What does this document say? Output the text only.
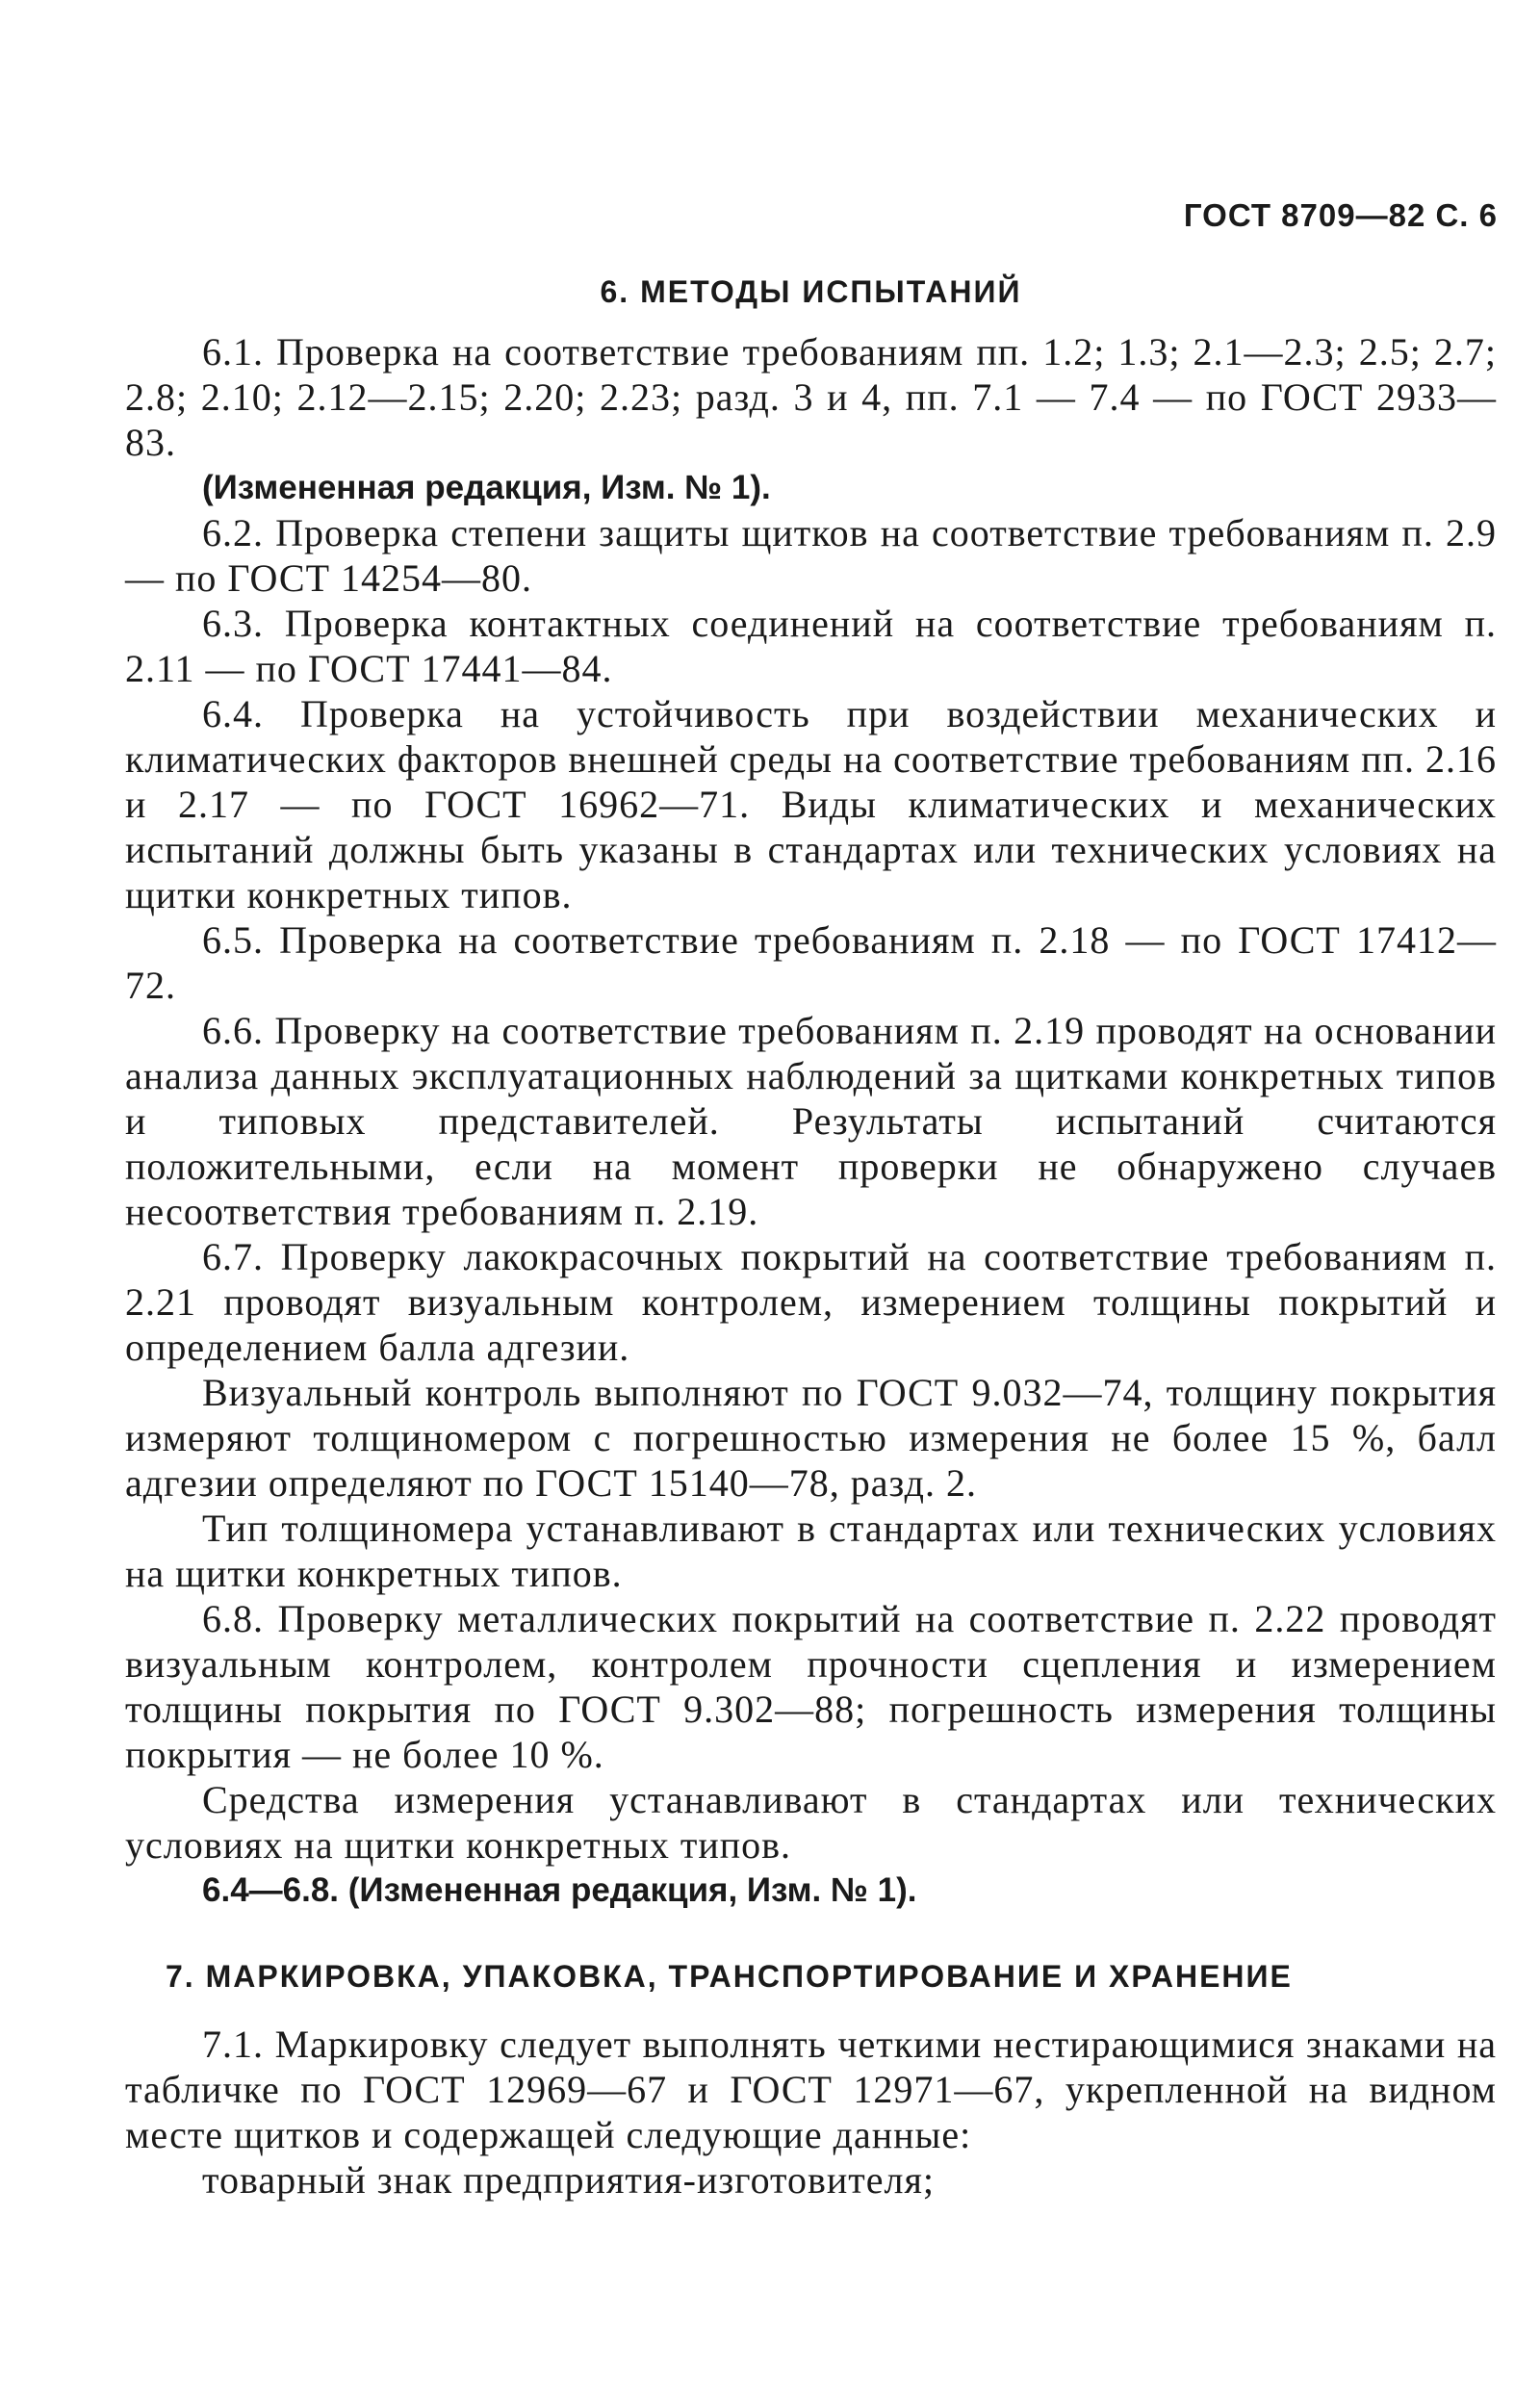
ГОСТ 8709—82 С. 6
6. МЕТОДЫ ИСПЫТАНИЙ

6.1. Проверка на соответствие требованиям пп. 1.2; 1.3; 2.1—2.3; 2.5; 2.7; 2.8; 2.10; 2.12—2.15; 2.20; 2.23; разд. 3 и 4, пп. 7.1 — 7.4 — по ГОСТ 2933—83.

(Измененная редакция, Изм. № 1).

6.2. Проверка степени защиты щитков на соответствие требованиям п. 2.9 — по ГОСТ 14254—80.

6.3. Проверка контактных соединений на соответствие требованиям п. 2.11 — по ГОСТ 17441—84.

6.4. Проверка на устойчивость при воздействии механических и климатических факторов внешней среды на соответствие требованиям пп. 2.16 и 2.17 — по ГОСТ 16962—71. Виды климатических и механических испытаний должны быть указаны в стандартах или технических условиях на щитки конкретных типов.

6.5. Проверка на соответствие требованиям п. 2.18 — по ГОСТ 17412—72.

6.6. Проверку на соответствие требованиям п. 2.19 проводят на основании анализа данных эксплуатационных наблюдений за щитками конкретных типов и типовых представителей. Результаты испытаний считаются положительными, если на момент проверки не обнаружено случаев несоответствия требованиям п. 2.19.

6.7. Проверку лакокрасочных покрытий на соответствие требованиям п. 2.21 проводят визуальным контролем, измерением толщины покрытий и определением балла адгезии.

Визуальный контроль выполняют по ГОСТ 9.032—74, толщину покрытия измеряют толщиномером с погрешностью измерения не более 15 %, балл адгезии определяют по ГОСТ 15140—78, разд. 2.

Тип толщиномера устанавливают в стандартах или технических условиях на щитки конкретных типов.

6.8. Проверку металлических покрытий на соответствие п. 2.22 проводят визуальным контролем, контролем прочности сцепления и измерением толщины покрытия по ГОСТ 9.302—88; погрешность измерения толщины покрытия — не более 10 %.

Средства измерения устанавливают в стандартах или технических условиях на щитки конкретных типов.

6.4—6.8. (Измененная редакция, Изм. № 1).

7. МАРКИРОВКА, УПАКОВКА, ТРАНСПОРТИРОВАНИЕ И ХРАНЕНИЕ

7.1. Маркировку следует выполнять четкими нестирающимися знаками на табличке по ГОСТ 12969—67 и ГОСТ 12971—67, укрепленной на видном месте щитков и содержащей следующие данные:

товарный знак предприятия-изготовителя;
